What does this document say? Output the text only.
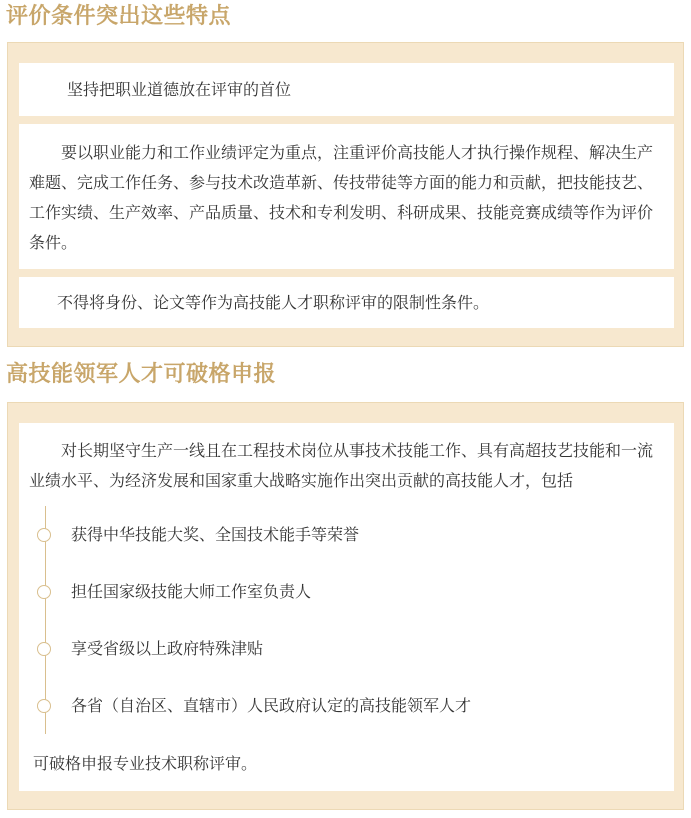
评价条件突出这些特点
坚持把职业道德放在评审的首位
要以职业能力和工作业绩评定为重点，注重评价高技能人才执行操作规程、解决生产难题、完成工作任务、参与技术改造革新、传技带徒等方面的能力和贡献，把技能技艺、工作实绩、生产效率、产品质量、技术和专利发明、科研成果、技能竞赛成绩等作为评价条件。
不得将身份、论文等作为高技能人才职称评审的限制性条件。
高技能领军人才可破格申报
对长期坚守生产一线且在工程技术岗位从事技术技能工作、具有高超技艺技能和一流业绩水平、为经济发展和国家重大战略实施作出突出贡献的高技能人才，包括
获得中华技能大奖、全国技术能手等荣誉
担任国家级技能大师工作室负责人
享受省级以上政府特殊津贴
各省（自治区、直辖市）人民政府认定的高技能领军人才
可破格申报专业技术职称评审。
